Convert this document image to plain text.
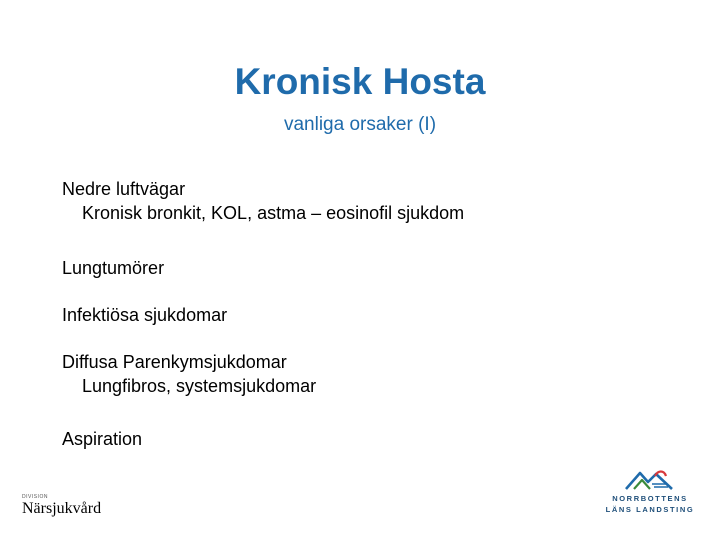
Kronisk Hosta
vanliga orsaker (I)
Nedre luftvägar
Kronisk bronkit, KOL, astma – eosinofil sjukdom
Lungtumörer
Infektiösa sjukdomar
Diffusa Parenkymsjukdomar
Lungfibros, systemsjukdomar
Aspiration
DIVISION
Närsjukvård
NORRBOTTENS
LÄNS LANDSTING
